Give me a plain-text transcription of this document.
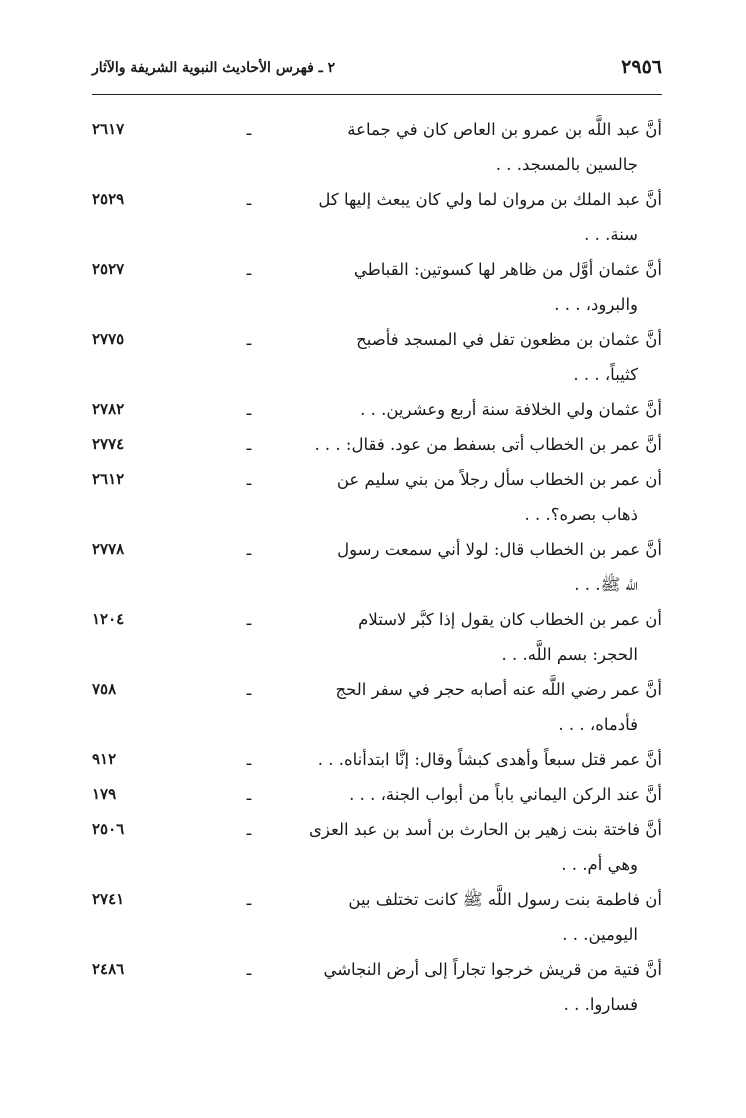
٢٩٥٦
٢ ـ فهرس الأحاديث النبوية الشريفة والآثار
أنَّ عبد اللَّه بن عمرو بن العاص كان في جماعة
جالسين بالمسجد. . .
ـ
٢٦١٧
أنَّ عبد الملك بن مروان لما ولي كان يبعث إليها كل
سنة. . .
ـ
٢٥٢٩
أنَّ عثمان أوَّل من ظاهر لها كسوتين: القباطي
والبرود، . . .
ـ
٢٥٢٧
أنَّ عثمان بن مظعون تفل في المسجد فأصبح
كثيباً، . . .
ـ
٢٧٧٥
أنَّ عثمان ولي الخلافة سنة أربع وعشرين. . .
ـ
٢٧٨٢
أنَّ عمر بن الخطاب أتى بسفط من عود. فقال: . . .
ـ
٢٧٧٤
أن عمر بن الخطاب سأل رجلاً من بني سليم عن
ذهاب بصره؟. . .
ـ
٢٦١٢
أنَّ عمر بن الخطاب قال: لولا أني سمعت رسول
اللَّه ﷺ. . .
ـ
٢٧٧٨
أن عمر بن الخطاب كان يقول إذا كبَّر لاستلام
الحجر: بسم اللَّه. . .
ـ
١٢٠٤
أنَّ عمر رضي اللَّه عنه أصابه حجر في سفر الحج
فأدماه، . . .
ـ
٧٥٨
أنَّ عمر قتل سبعاً وأهدى كبشاً وقال: إنَّا ابتدأناه. . .
ـ
٩١٢
أنَّ عند الركن اليماني باباً من أبواب الجنة، . . .
ـ
١٧٩
أنَّ فاختة بنت زهير بن الحارث بن أسد بن عبد العزى
وهي أم. . .
ـ
٢٥٠٦
أن فاطمة بنت رسول اللَّه ﷺ كانت تختلف بين
اليومين. . .
ـ
٢٧٤١
أنَّ فتية من قريش خرجوا تجاراً إلى أرض النجاشي
فساروا. . .
ـ
٢٤٨٦
